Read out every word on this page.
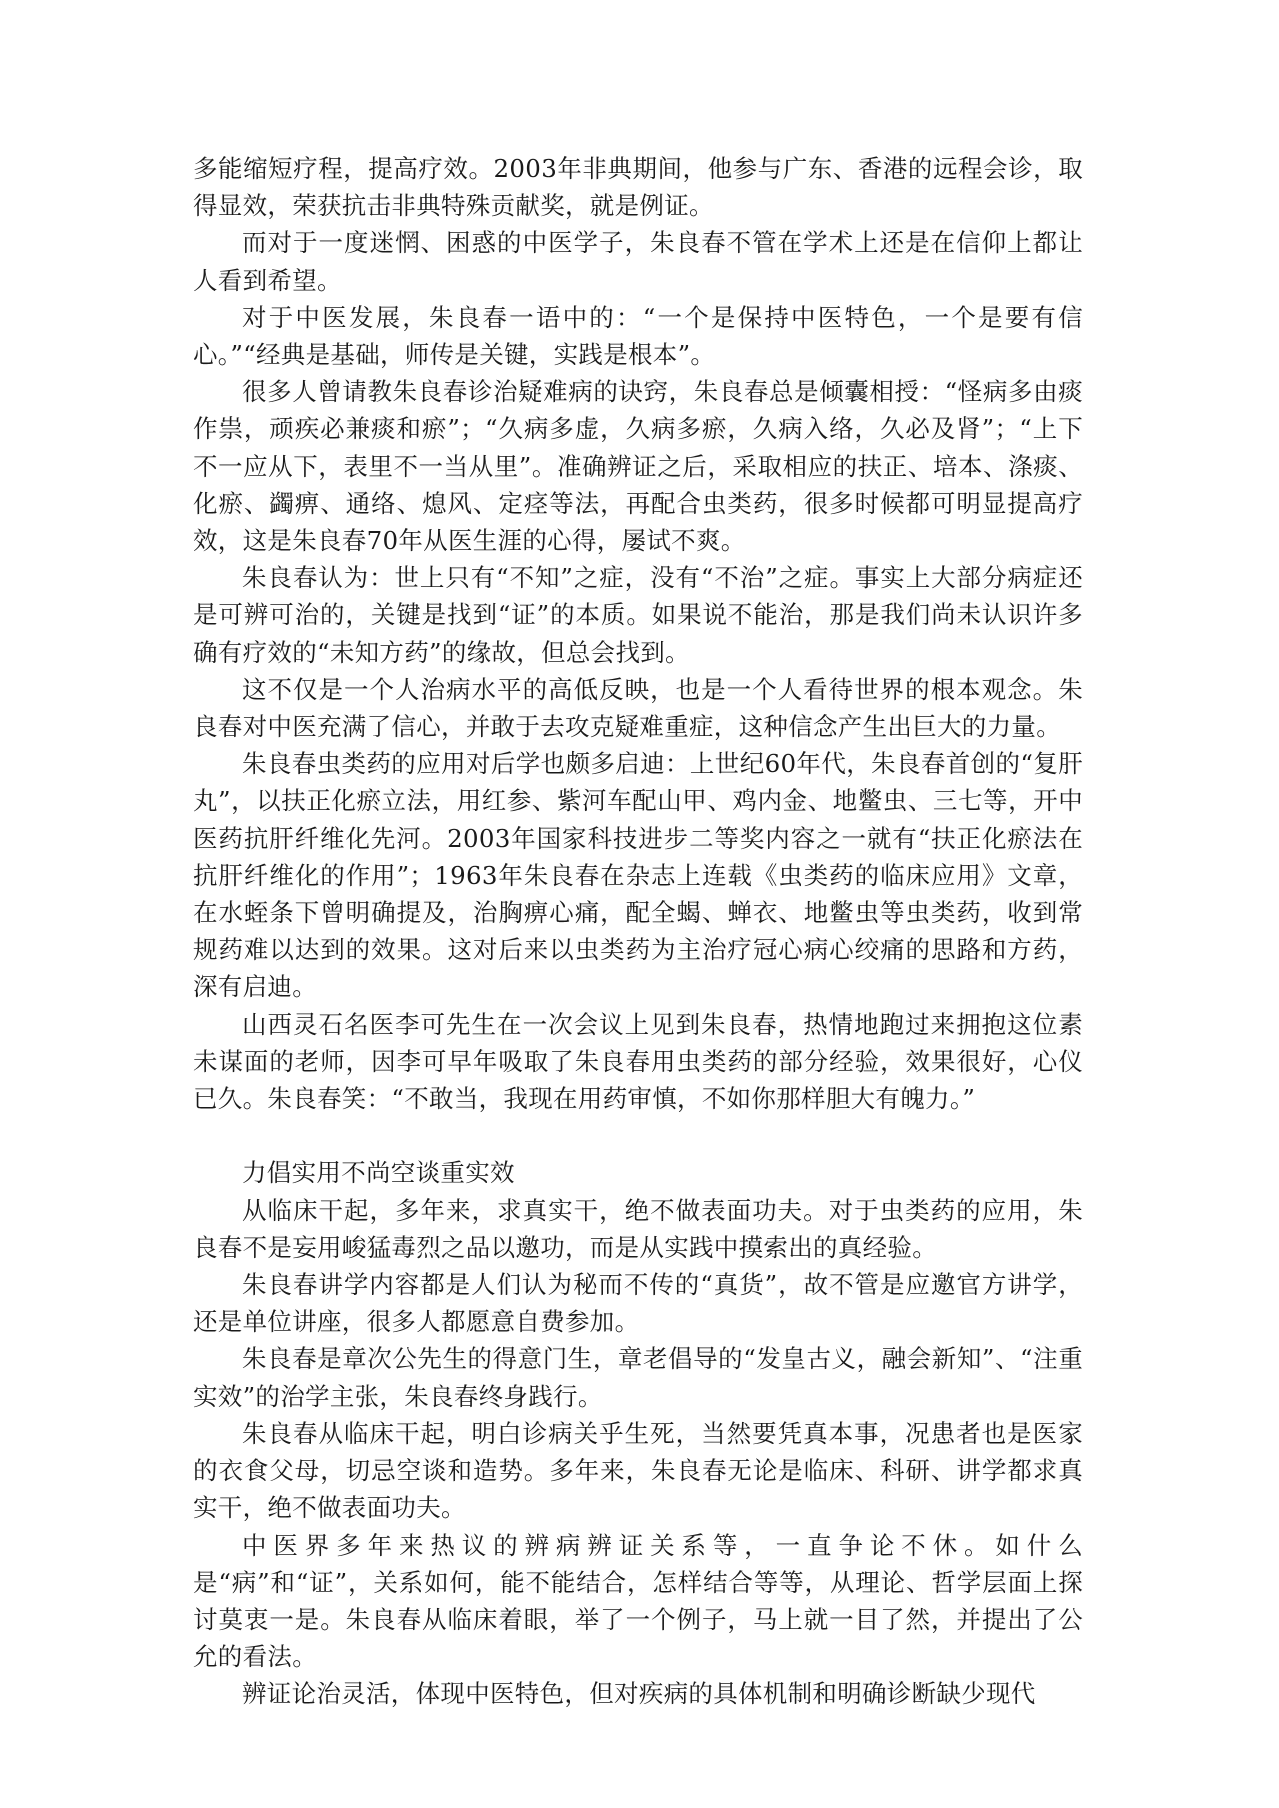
多能缩短疗程，提高疗效。2003年非典期间，他参与广东、香港的远程会诊，取得显效，荣获抗击非典特殊贡献奖，就是例证。

而对于一度迷惘、困惑的中医学子，朱良春不管在学术上还是在信仰上都让人看到希望。

对于中医发展，朱良春一语中的：“一个是保持中医特色，一个是要有信心。”“经典是基础，师传是关键，实践是根本”。

很多人曾请教朱良春诊治疑难病的诀窍，朱良春总是倾囊相授：“怪病多由痰作祟，顽疾必兼痰和瘀”；“久病多虚，久病多瘀，久病入络，久必及肾”；“上下不一应从下，表里不一当从里”。准确辨证之后，采取相应的扶正、培本、涤痰、化瘀、蠲痹、通络、熄风、定痉等法，再配合虫类药，很多时候都可明显提高疗效，这是朱良春70年从医生涯的心得，屡试不爽。

朱良春认为：世上只有“不知”之症，没有“不治”之症。事实上大部分病症还是可辨可治的，关键是找到“证”的本质。如果说不能治，那是我们尚未认识许多确有疗效的“未知方药”的缘故，但总会找到。

这不仅是一个人治病水平的高低反映，也是一个人看待世界的根本观念。朱良春对中医充满了信心，并敢于去攻克疑难重症，这种信念产生出巨大的力量。

朱良春虫类药的应用对后学也颇多启迪：上世纪60年代，朱良春首创的“复肝丸”，以扶正化瘀立法，用红参、紫河车配山甲、鸡内金、地鳖虫、三七等，开中医药抗肝纤维化先河。2003年国家科技进步二等奖内容之一就有“扶正化瘀法在抗肝纤维化的作用”；1963年朱良春在杂志上连载《虫类药的临床应用》文章，在水蛭条下曾明确提及，治胸痹心痛，配全蝎、蝉衣、地鳖虫等虫类药，收到常规药难以达到的效果。这对后来以虫类药为主治疗冠心病心绞痛的思路和方药，深有启迪。

山西灵石名医李可先生在一次会议上见到朱良春，热情地跑过来拥抱这位素未谋面的老师，因李可早年吸取了朱良春用虫类药的部分经验，效果很好，心仪已久。朱良春笑：“不敢当，我现在用药审慎，不如你那样胆大有魄力。”

力倡实用不尚空谈重实效

从临床干起，多年来，求真实干，绝不做表面功夫。对于虫类药的应用，朱良春不是妄用峻猛毒烈之品以邀功，而是从实践中摸索出的真经验。

朱良春讲学内容都是人们认为秘而不传的“真货”，故不管是应邀官方讲学，还是单位讲座，很多人都愿意自费参加。

朱良春是章次公先生的得意门生，章老倡导的“发皇古义，融会新知”、“注重实效”的治学主张，朱良春终身践行。

朱良春从临床干起，明白诊病关乎生死，当然要凭真本事，况患者也是医家的衣食父母，切忌空谈和造势。多年来，朱良春无论是临床、科研、讲学都求真实干，绝不做表面功夫。

中医界多年来热议的辨病辨证关系等，一直争论不休。如什么是“病”和“证”，关系如何，能不能结合，怎样结合等等，从理论、哲学层面上探讨莫衷一是。朱良春从临床着眼，举了一个例子，马上就一目了然，并提出了公允的看法。

辨证论治灵活，体现中医特色，但对疾病的具体机制和明确诊断缺少现代
